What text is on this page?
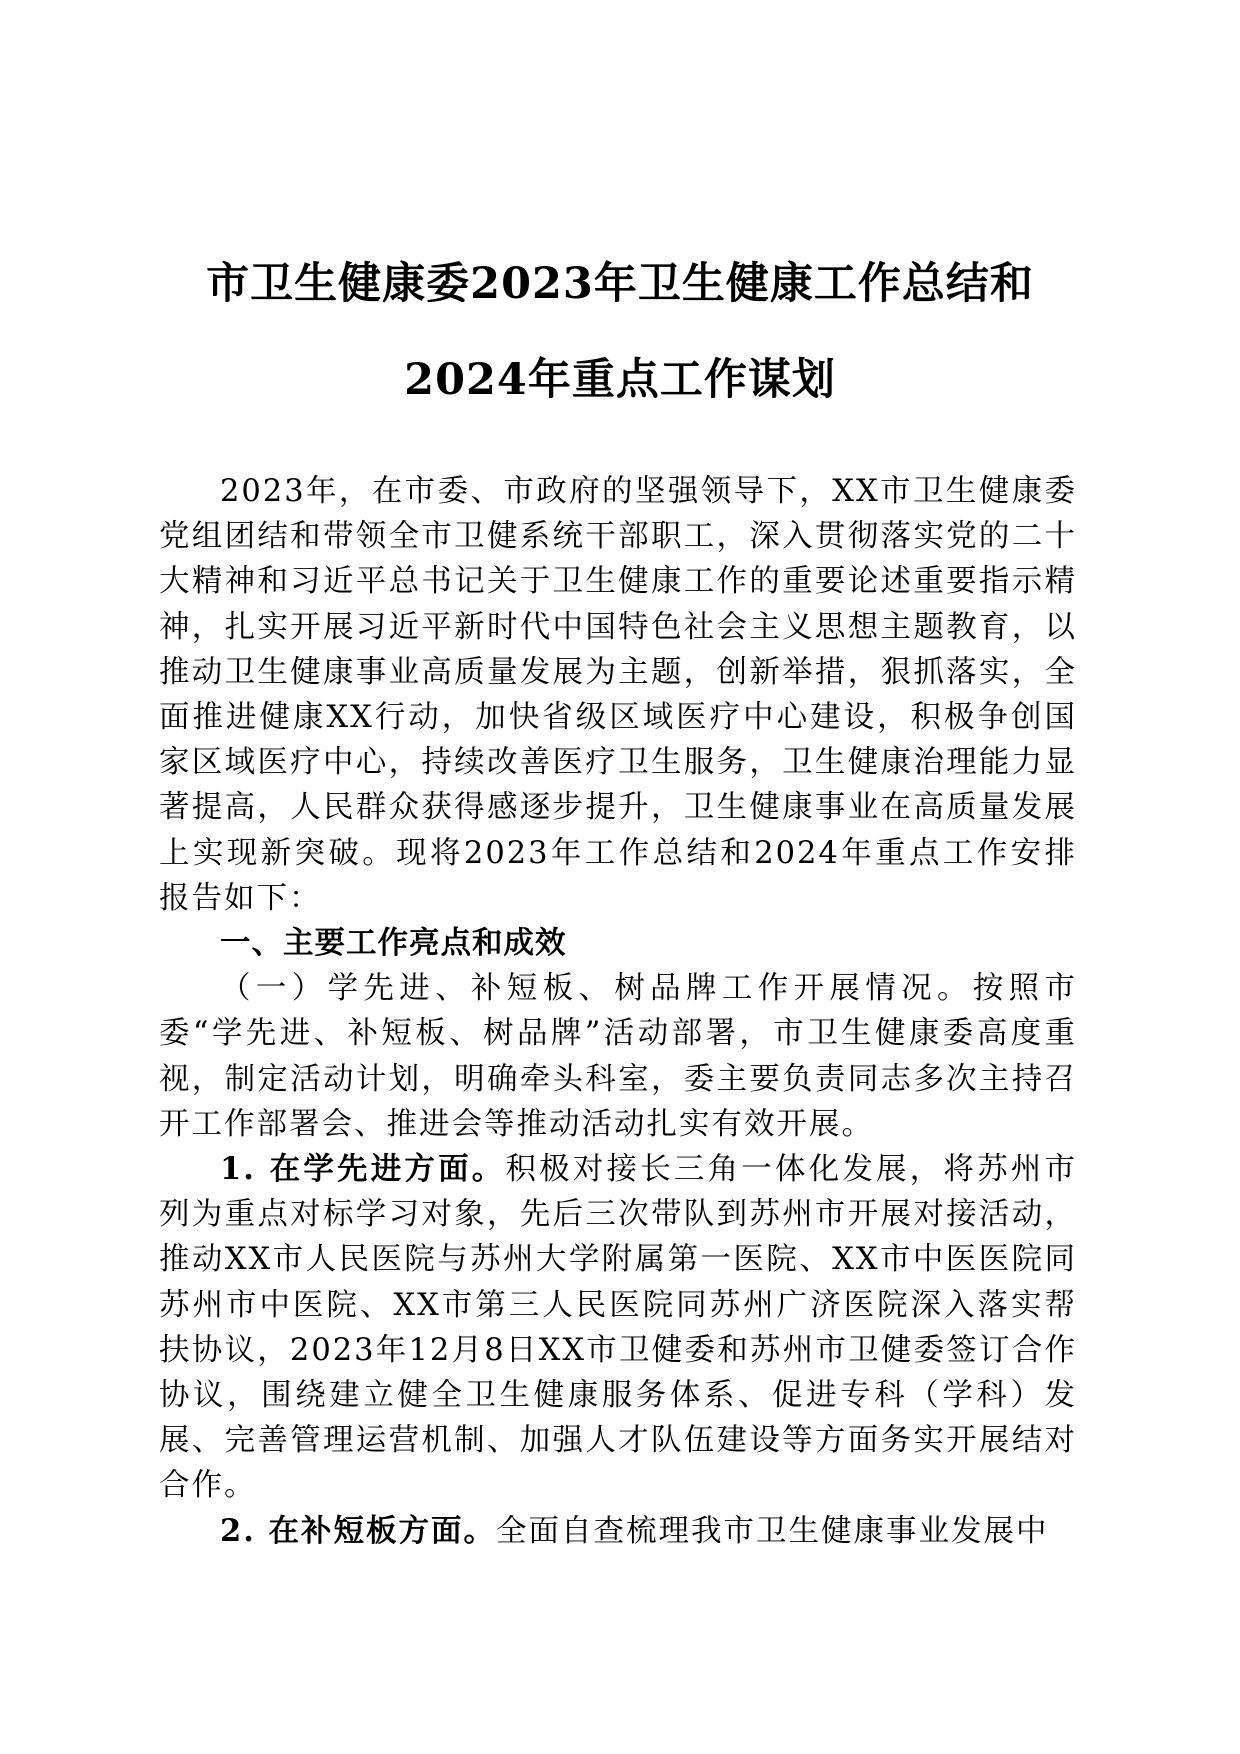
市卫生健康委2023年卫生健康工作总结和
2024年重点工作谋划

2023年，在市委、市政府的坚强领导下，XX市卫生健康委党组团结和带领全市卫健系统干部职工，深入贯彻落实党的二十大精神和习近平总书记关于卫生健康工作的重要论述重要指示精神，扎实开展习近平新时代中国特色社会主义思想主题教育，以推动卫生健康事业高质量发展为主题，创新举措，狠抓落实，全面推进健康XX行动，加快省级区域医疗中心建设，积极争创国家区域医疗中心，持续改善医疗卫生服务，卫生健康治理能力显著提高，人民群众获得感逐步提升，卫生健康事业在高质量发展上实现新突破。现将2023年工作总结和2024年重点工作安排报告如下：

一、主要工作亮点和成效

（一）学先进、补短板、树品牌工作开展情况。按照市委“学先进、补短板、树品牌”活动部署，市卫生健康委高度重视，制定活动计划，明确牵头科室，委主要负责同志多次主持召开工作部署会、推进会等推动活动扎实有效开展。

1. 在学先进方面。积极对接长三角一体化发展，将苏州市列为重点对标学习对象，先后三次带队到苏州市开展对接活动，推动XX市人民医院与苏州大学附属第一医院、XX市中医医院同苏州市中医院、XX市第三人民医院同苏州广济医院深入落实帮扶协议，2023年12月8日XX市卫健委和苏州市卫健委签订合作协议，围绕建立健全卫生健康服务体系、促进专科（学科）发展、完善管理运营机制、加强人才队伍建设等方面务实开展结对合作。

2. 在补短板方面。全面自查梳理我市卫生健康事业发展中
